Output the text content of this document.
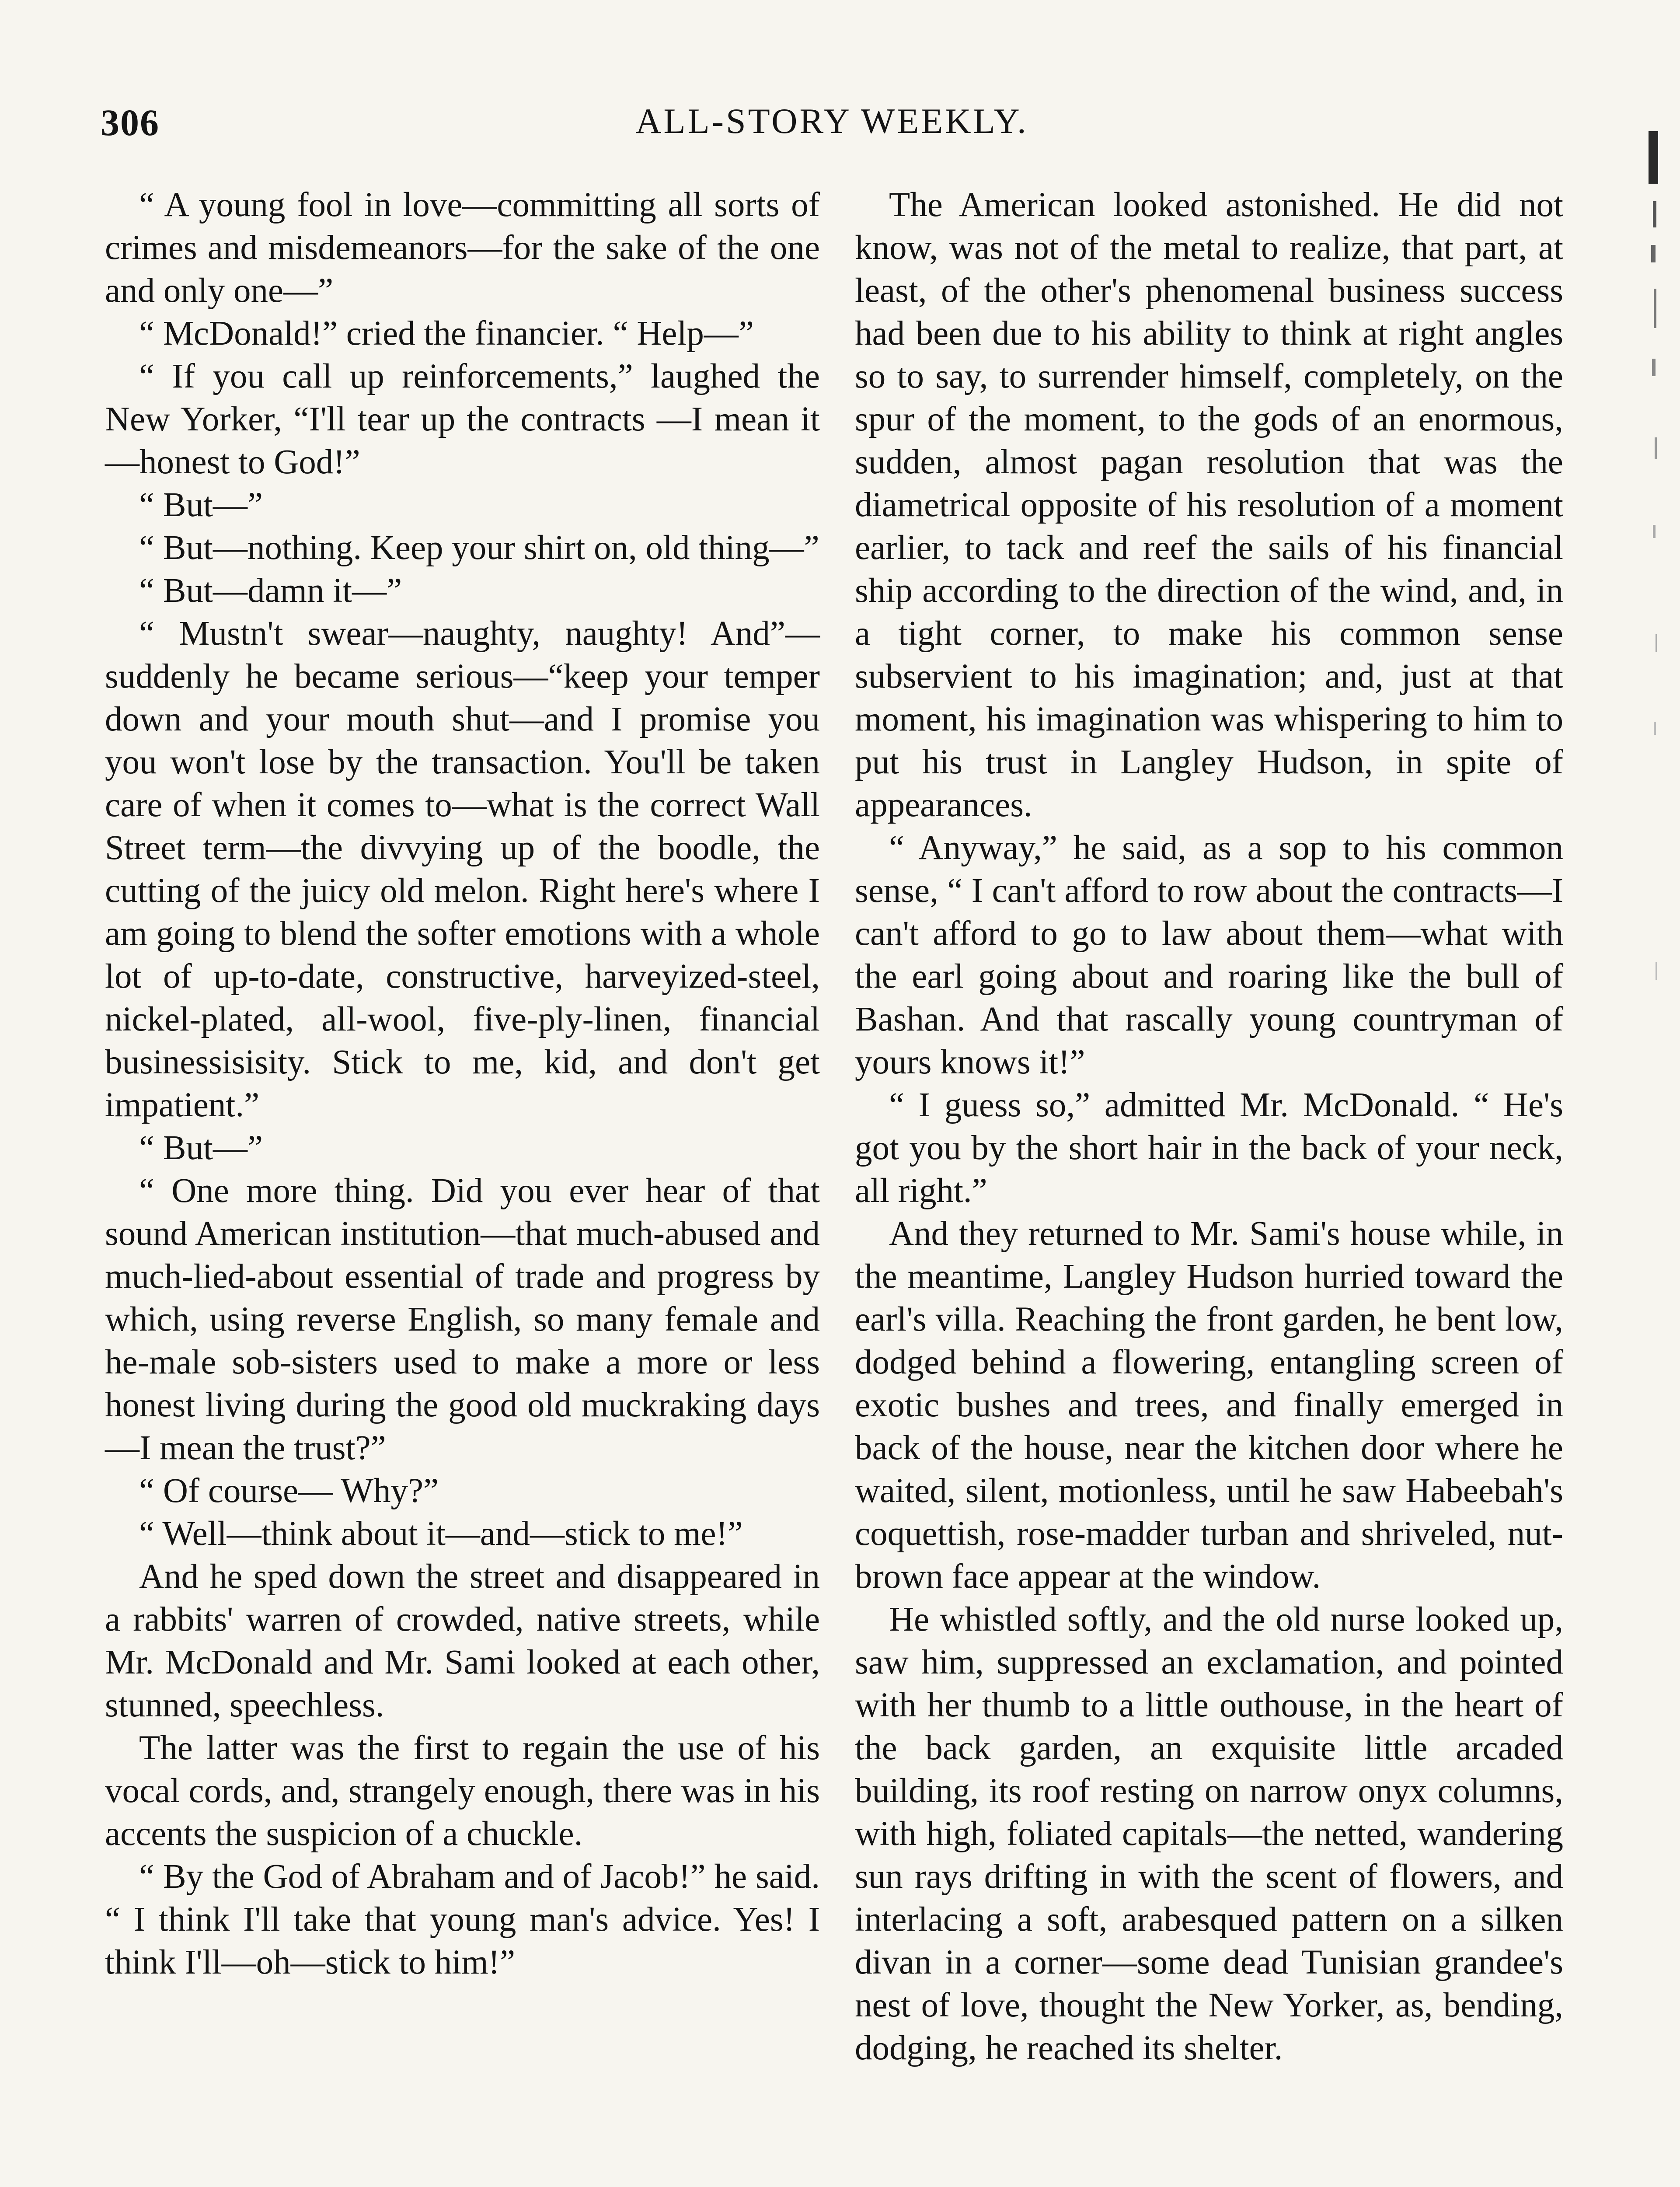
306	ALL-STORY WEEKLY.

“ A young fool in love—committing all sorts of crimes and misdemeanors—for the sake of the one and only one—”

“ McDonald!” cried the financier. “ Help—”

“ If you call up reinforcements,” laughed the New Yorker, “I'll tear up the contracts —I mean it—honest to God!”

“ But—”

“ But—nothing. Keep your shirt on, old thing—”

“ But—damn it—”

“ Mustn't swear—naughty, naughty! And”—suddenly he became serious—“keep your temper down and your mouth shut—and I promise you you won't lose by the transaction. You'll be taken care of when it comes to—what is the correct Wall Street term—the divvying up of the boodle, the cutting of the juicy old melon. Right here's where I am going to blend the softer emotions with a whole lot of up-to-date, constructive, harveyized-steel, nickel-plated, all-wool, five-ply-linen, financial businessisisity. Stick to me, kid, and don't get impatient.”

“ But—”

“ One more thing. Did you ever hear of that sound American institution—that much-abused and much-lied-about essential of trade and progress by which, using reverse English, so many female and he-male sob-sisters used to make a more or less honest living during the good old muckraking days—I mean the trust?”

“ Of course— Why?”

“ Well—think about it—and—stick to me!”

And he sped down the street and disappeared in a rabbits' warren of crowded, native streets, while Mr. McDonald and Mr. Sami looked at each other, stunned, speechless.

The latter was the first to regain the use of his vocal cords, and, strangely enough, there was in his accents the suspicion of a chuckle.

“ By the God of Abraham and of Jacob!” he said. “ I think I'll take that young man's advice. Yes! I think I'll—oh—stick to him!”

The American looked astonished. He did not know, was not of the metal to realize, that part, at least, of the other's phenomenal business success had been due to his ability to think at right angles so to say, to surrender himself, completely, on the spur of the moment, to the gods of an enormous, sudden, almost pagan resolution that was the diametrical opposite of his resolution of a moment earlier, to tack and reef the sails of his financial ship according to the direction of the wind, and, in a tight corner, to make his common sense subservient to his imagination; and, just at that moment, his imagination was whispering to him to put his trust in Langley Hudson, in spite of appearances.

“ Anyway,” he said, as a sop to his common sense, “ I can't afford to row about the contracts—I can't afford to go to law about them—what with the earl going about and roaring like the bull of Bashan. And that rascally young countryman of yours knows it!”

“ I guess so,” admitted Mr. McDonald. “ He's got you by the short hair in the back of your neck, all right.”

And they returned to Mr. Sami's house while, in the meantime, Langley Hudson hurried toward the earl's villa. Reaching the front garden, he bent low, dodged behind a flowering, entangling screen of exotic bushes and trees, and finally emerged in back of the house, near the kitchen door where he waited, silent, motionless, until he saw Habeebah's coquettish, rose-madder turban and shriveled, nut-brown face appear at the window.

He whistled softly, and the old nurse looked up, saw him, suppressed an exclamation, and pointed with her thumb to a little outhouse, in the heart of the back garden, an exquisite little arcaded building, its roof resting on narrow onyx columns, with high, foliated capitals—the netted, wandering sun rays drifting in with the scent of flowers, and interlacing a soft, arabesqued pattern on a silken divan in a corner—some dead Tunisian grandee's nest of love, thought the New Yorker, as, bending, dodging, he reached its shelter.
